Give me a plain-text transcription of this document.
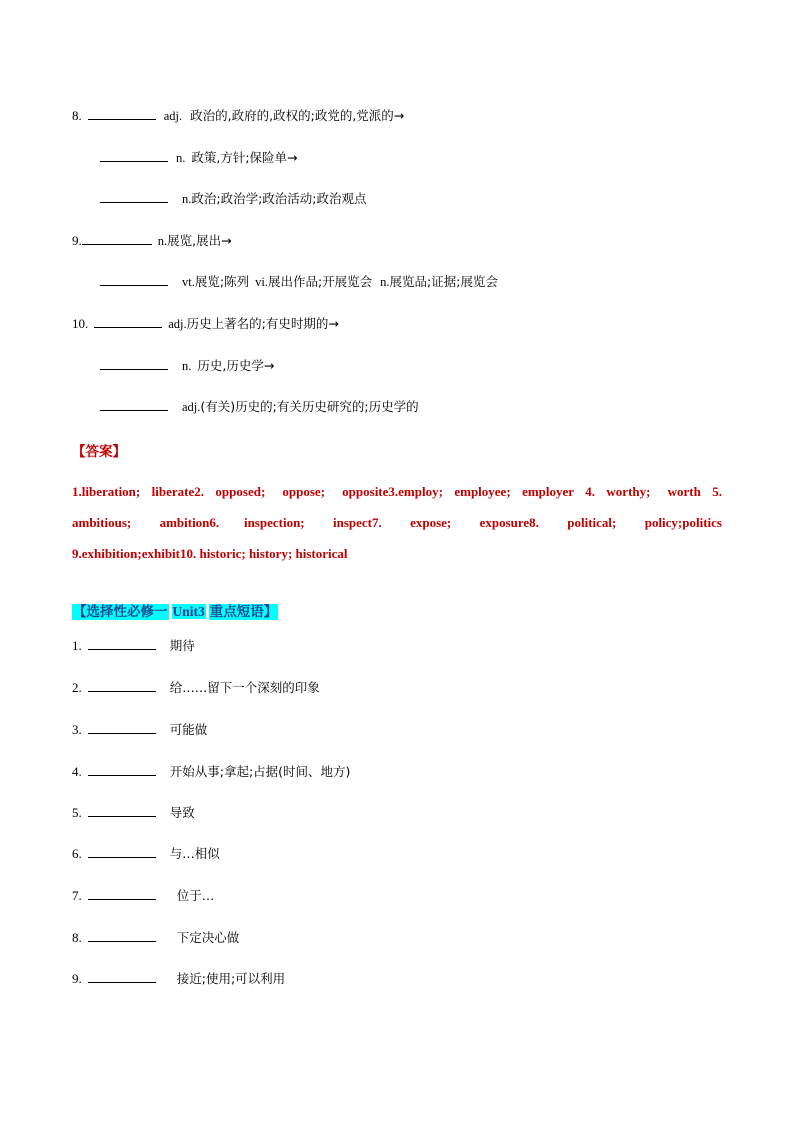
8.	adj. 政治的,政府的,政权的;政党的,党派的→
n. 政策,方针;保险单→
n.政治;政治学;政治活动;政治观点
9.	n.展览,展出→
vt.展览;陈列 vi.展出作品;开展览会 n.展览品;证据;展览会
10.	adj.历史上著名的;有史时期的→
n. 历史,历史学→
adj.(有关)历史的;有关历史研究的;历史学的
【答案】
1.liberation;  liberate2.  opposed;   oppose;   opposite3.employ;  employee;  employer  4.  worthy;   worth  5.
ambitious;        ambition6.       inspection;        inspect7.        expose;        exposure8.        political;        policy;politics
9.exhibition;exhibit10. historic; history; historical
【选择性必修一 Unit3 重点短语】
1.	期待
2.	给……留下一个深刻的印象
3.	可能做
4.	开始从事;拿起;占据(时间、地方)
5.	导致
6.	与…相似
7.	位于…
8.	下定决心做
9.	接近;使用;可以利用
